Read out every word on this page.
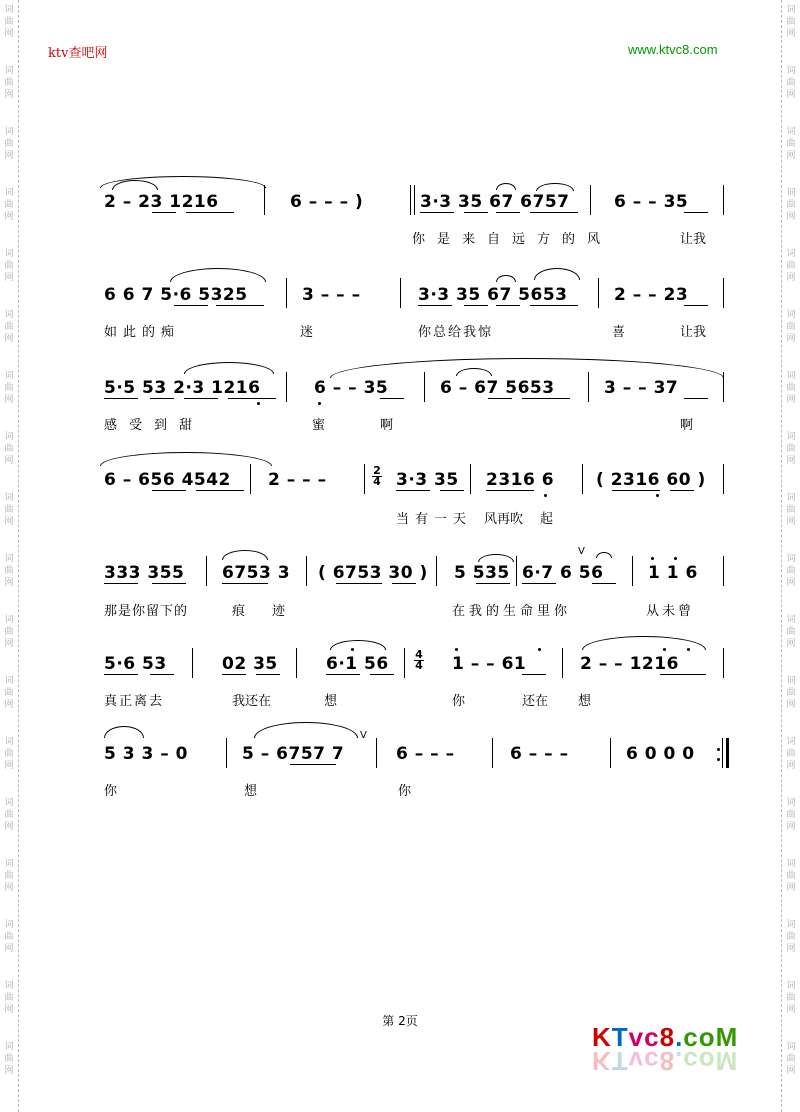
词
曲
网
词
曲
网
词
曲
网
词
曲
网
词
曲
网
词
曲
网
词
曲
网
词
曲
网
词
曲
网
词
曲
网
词
曲
网
词
曲
网
词
曲
网
词
曲
网
词
曲
网
词
曲
网
词
曲
网
词
曲
网
词
曲
网
词
曲
网
词
曲
网
词
曲
网
词
曲
网
词
曲
网
词
曲
网
词
曲
网
词
曲
网
词
曲
网
词
曲
网
词
曲
网
词
曲
网
词
曲
网
词
曲
网
词
曲
网
词
曲
网
词
曲
网
ktv查吧网	www.ktvc8.com
2 – 23 1216	6 – – – )	3·3 35 67 6757	6 – – 35
你是来自远方的风	让我
6 6 7 5·6 5325	3 – – –	3·3 35 67 5653	2 – – 23
如此的痴	迷	你总给我惊	喜	让我
5·5 53 2·3 1216	6 – – 35	6 – 67 5653	3 – – 37
感受到甜	蜜	啊	啊
6 – 656 4542 2 – – –	2
4 3·3 35 2316 6 ( 2316 60 )
当有一天 风再吹 起
V
333 355 6753 3 ( 6753 30 ) 5 535 6·7 6 56	1 1 6
那是你留下的	痕 迹	在我的生命里你	从未曾
5·6 53	02 35	6·1 56 4
4 1 – – 61	2 – – 1216
真正离去	我还在	想	你	还在 想
V
5 3 3 – 0	5 – 6757 7	6 – – –	6 – – –	6 0 0 0
你	想	你
第 2页
KTvc8.coM
KTvc8.coM
